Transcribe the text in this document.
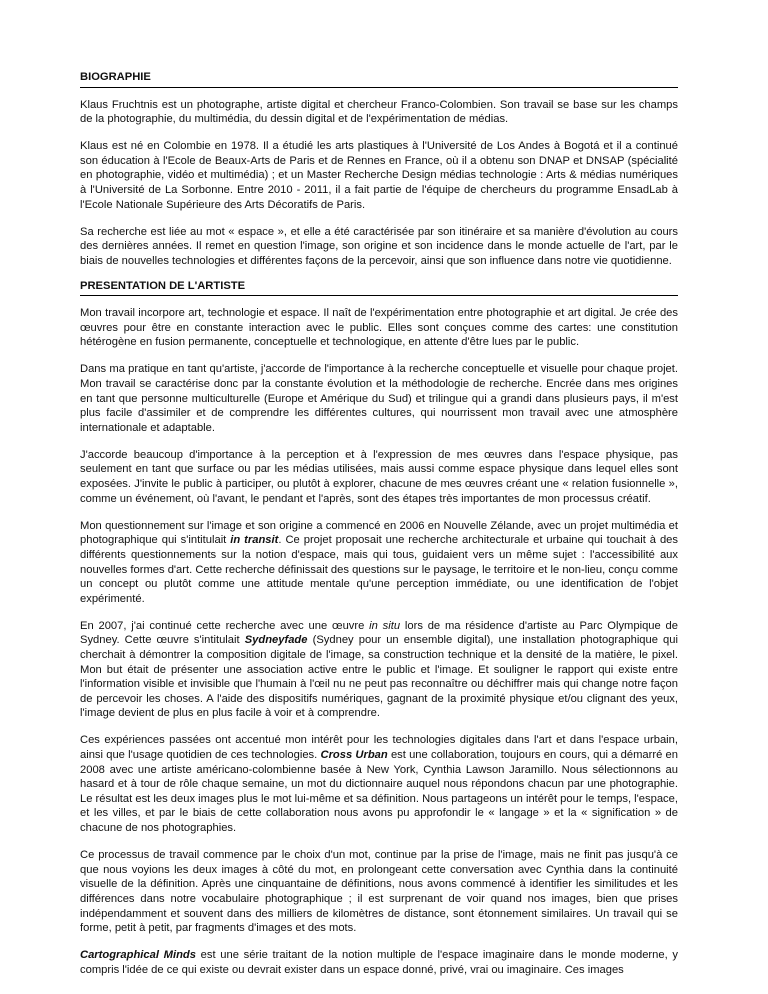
BIOGRAPHIE

Klaus Fruchtnis est un photographe, artiste digital et chercheur Franco-Colombien. Son travail se base sur les champs de la photographie, du multimédia, du dessin digital et de l'expérimentation de médias.

Klaus est né en Colombie en 1978. Il a étudié les arts plastiques à l'Université de Los Andes à Bogotá et il a continué son éducation à l'Ecole de Beaux-Arts de Paris et de Rennes en France, où il a obtenu son DNAP et DNSAP (spécialité en photographie, vidéo et multimédia) ; et un Master Recherche Design médias technologie : Arts & médias numériques à l'Université de La Sorbonne. Entre 2010 - 2011, il a fait partie de l'équipe de chercheurs du programme EnsadLab à l'Ecole Nationale Supérieure des Arts Décoratifs de Paris.

Sa recherche est liée au mot « espace », et elle a été caractérisée par son itinéraire et sa manière d'évolution au cours des dernières années. Il remet en question l'image, son origine et son incidence dans le monde actuelle de l'art, par le biais de nouvelles technologies et différentes façons de la percevoir, ainsi que son influence dans notre vie quotidienne.

PRESENTATION DE L'ARTISTE

Mon travail incorpore art, technologie et espace. Il naît de l'expérimentation entre photographie et art digital. Je crée des œuvres pour être en constante interaction avec le public. Elles sont conçues comme des cartes: une constitution hétérogène en fusion permanente, conceptuelle et technologique, en attente d'être lues par le public.

Dans ma pratique en tant qu'artiste, j'accorde de l'importance à la recherche conceptuelle et visuelle pour chaque projet. Mon travail se caractérise donc par la constante évolution et la méthodologie de recherche. Encrée dans mes origines en tant que personne multiculturelle (Europe et Amérique du Sud) et trilingue qui a grandi dans plusieurs pays, il m'est plus facile d'assimiler et de comprendre les différentes cultures, qui nourrissent mon travail avec une atmosphère internationale et adaptable.

J'accorde beaucoup d'importance à la perception et à l'expression de mes œuvres dans l'espace physique, pas seulement en tant que surface ou par les médias utilisées, mais aussi comme espace physique dans lequel elles sont exposées. J'invite le public à participer, ou plutôt à explorer, chacune de mes œuvres créant une « relation fusionnelle », comme un événement, où l'avant, le pendant et l'après, sont des étapes très importantes de mon processus créatif.

Mon questionnement sur l'image et son origine a commencé en 2006 en Nouvelle Zélande, avec un projet multimédia et photographique qui s'intitulait in transit. Ce projet proposait une recherche architecturale et urbaine qui touchait à des différents questionnements sur la notion d'espace, mais qui tous, guidaient vers un même sujet : l'accessibilité aux nouvelles formes d'art. Cette recherche définissait des questions sur le paysage, le territoire et le non-lieu, conçu comme un concept ou plutôt comme une attitude mentale qu'une perception immédiate, ou une identification de l'objet expérimenté.

En 2007, j'ai continué cette recherche avec une œuvre in situ lors de ma résidence d'artiste au Parc Olympique de Sydney. Cette œuvre s'intitulait Sydneyfade (Sydney pour un ensemble digital), une installation photographique qui cherchait à démontrer la composition digitale de l'image, sa construction technique et la densité de la matière, le pixel. Mon but était de présenter une association active entre le public et l'image. Et souligner le rapport qui existe entre l'information visible et invisible que l'humain à l'œil nu ne peut pas reconnaître ou déchiffrer mais qui change notre façon de percevoir les choses. A l'aide des dispositifs numériques, gagnant de la proximité physique et/ou clignant des yeux, l'image devient de plus en plus facile à voir et à comprendre.

Ces expériences passées ont accentué mon intérêt pour les technologies digitales dans l'art et dans l'espace urbain, ainsi que l'usage quotidien de ces technologies. Cross Urban est une collaboration, toujours en cours, qui a démarré en 2008 avec une artiste américano-colombienne basée à New York, Cynthia Lawson Jaramillo. Nous sélectionnons au hasard et à tour de rôle chaque semaine, un mot du dictionnaire auquel nous répondons chacun par une photographie. Le résultat est les deux images plus le mot lui-même et sa définition. Nous partageons un intérêt pour le temps, l'espace, et les villes, et par le biais de cette collaboration nous avons pu approfondir le « langage » et la « signification » de chacune de nos photographies.

Ce processus de travail commence par le choix d'un mot, continue par la prise de l'image, mais ne finit pas jusqu'à ce que nous voyions les deux images à côté du mot, en prolongeant cette conversation avec Cynthia dans la continuité visuelle de la définition. Après une cinquantaine de définitions, nous avons commencé à identifier les similitudes et les différences dans notre vocabulaire photographique ; il est surprenant de voir quand nos images, bien que prises indépendamment et souvent dans des milliers de kilomètres de distance, sont étonnement similaires. Un travail qui se forme, petit à petit, par fragments d'images et des mots.

Cartographical Minds est une série traitant de la notion multiple de l'espace imaginaire dans le monde moderne, y compris l'idée de ce qui existe ou devrait exister dans un espace donné, privé, vrai ou imaginaire. Ces images
